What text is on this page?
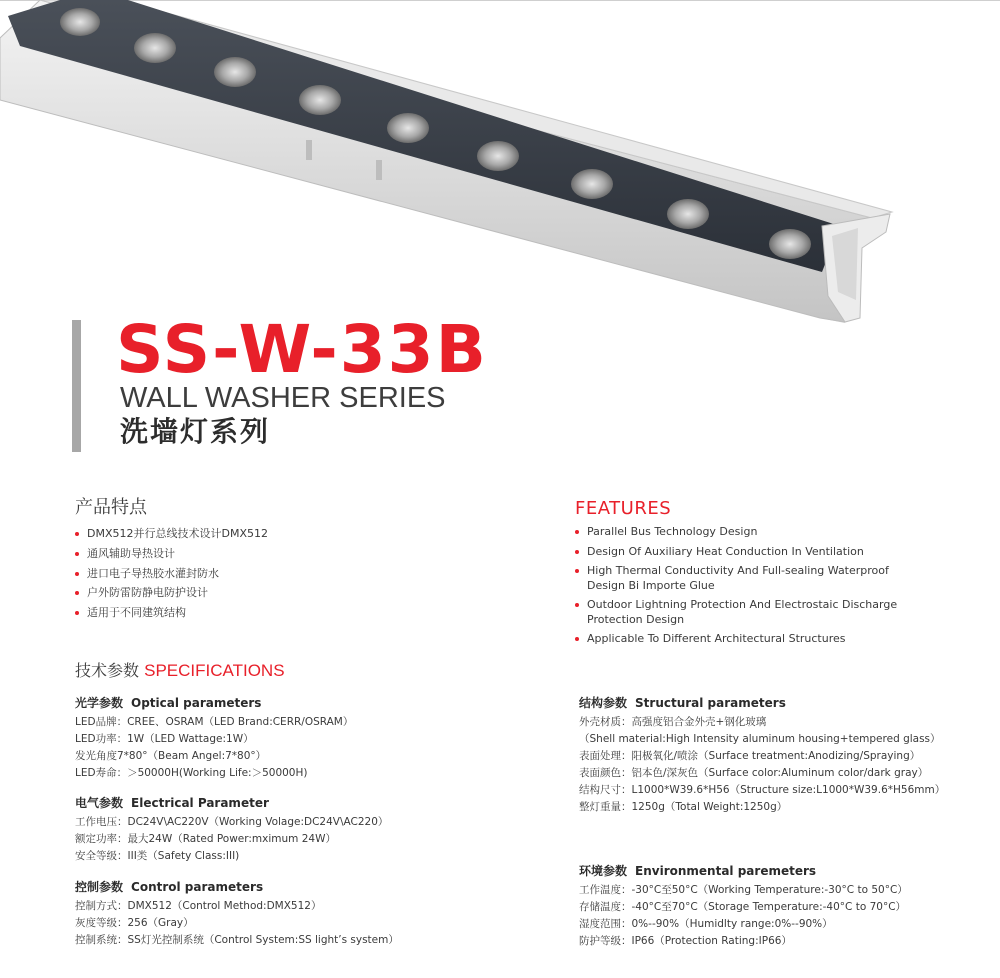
SS-W-33B
WALL WASHER SERIES
洗墙灯系列
产品特点
DMX512并行总线技术设计DMX512
通风辅助导热设计
进口电子导热胶水灌封防水
户外防雷防静电防护设计
适用于不同建筑结构
FEATURES
Parallel Bus Technology Design
Design Of Auxiliary Heat Conduction In Ventilation
High Thermal Conductivity And Full-sealing Waterproof
Design Bi Importe Glue
Outdoor Lightning Protection And Electrostaic Discharge
Protection Design
Applicable To Different Architectural Structures
技术参数 SPECIFICATIONS
光学参数 Optical parameters
LED品牌：CREE、OSRAM（LED Brand:CERR/OSRAM）
LED功率：1W（LED Wattage:1W）
发光角度7*80°（Beam Angel:7*80°）
LED寿命：＞50000H(Working Life:＞50000H)
电气参数 Electrical Parameter
工作电压：DC24V\AC220V（Working Volage:DC24V\AC220）
额定功率：最大24W（Rated Power:mximum 24W）
安全等级：III类（Safety Class:III)
控制参数 Control parameters
控制方式：DMX512（Control Method:DMX512）
灰度等级：256（Gray）
控制系统：SS灯光控制系统（Control System:SS light’s system）
结构参数 Structural parameters
外壳材质：高强度铝合金外壳+钢化玻璃
（Shell material:High Intensity aluminum housing+tempered glass）
表面处理：阳极氧化/喷涂（Surface treatment:Anodizing/Spraying）
表面颜色：铝本色/深灰色（Surface color:Aluminum color/dark gray）
结构尺寸：L1000*W39.6*H56（Structure size:L1000*W39.6*H56mm）
整灯重量：1250g（Total Weight:1250g）
环境参数 Environmental paremeters
工作温度：-30°C至50°C（Working Temperature:-30°C to 50°C）
存储温度：-40°C至70°C（Storage Temperature:-40°C to 70°C）
湿度范围：0%--90%（Humidlty range:0%--90%）
防护等级：IP66（Protection Rating:IP66）
